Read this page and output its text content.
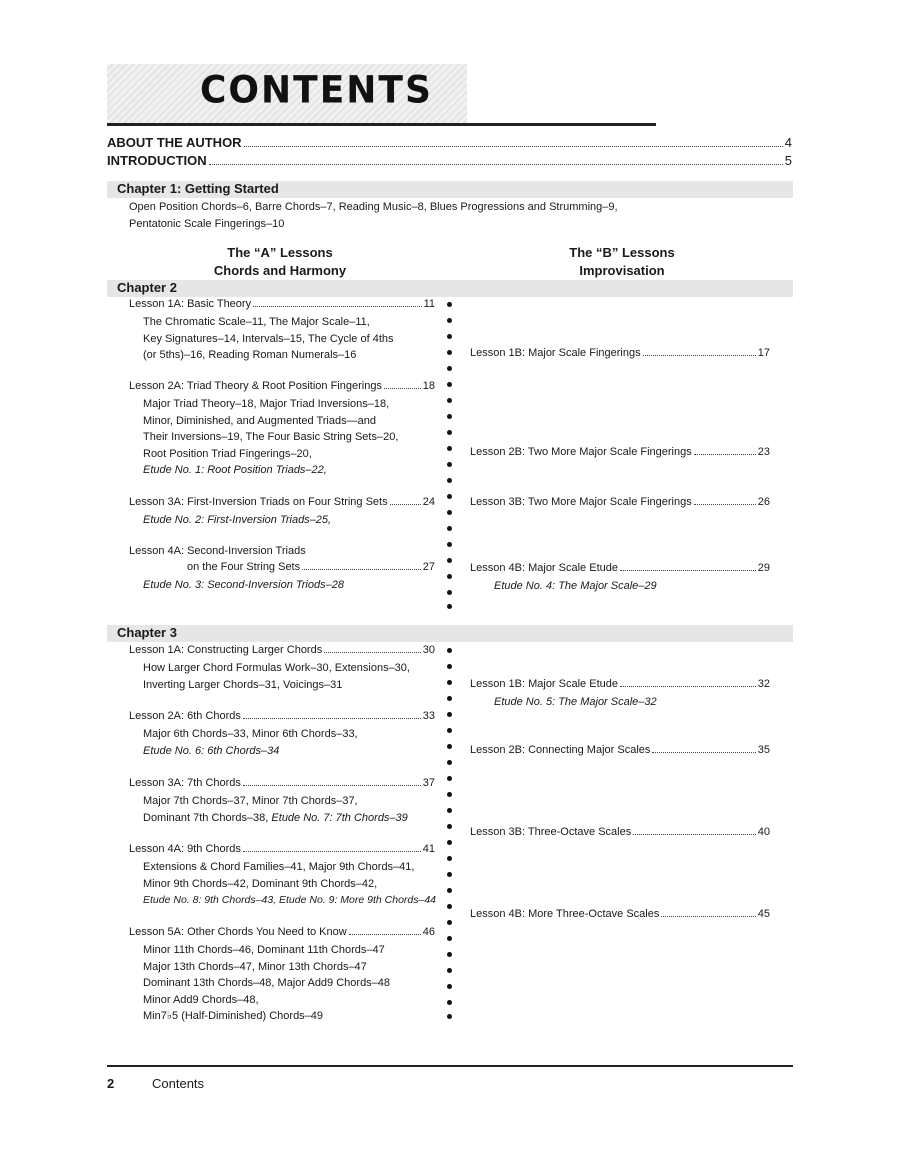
CONTENTS
ABOUT THE AUTHOR	4
INTRODUCTION	5
Chapter 1: Getting Started
Open Position Chords–6, Barre Chords–7, Reading Music–8, Blues Progressions and Strumming–9,
Pentatonic Scale Fingerings–10
The “A” Lessons
Chords and Harmony
The “B” Lessons
Improvisation
Chapter 2
Lesson 1A: Basic Theory	11
The Chromatic Scale–11, The Major Scale–11,
Key Signatures–14, Intervals–15, The Cycle of 4ths
(or 5ths)–16, Reading Roman Numerals–16
Lesson 2A: Triad Theory & Root Position Fingerings	18
Major Triad Theory–18, Major Triad Inversions–18,
Minor, Diminished, and Augmented Triads—and
Their Inversions–19, The Four Basic String Sets–20,
Root Position Triad Fingerings–20,
Etude No. 1: Root Position Triads–22,
Lesson 3A: First-Inversion Triads on Four String Sets	24
Etude No. 2: First-Inversion Triads–25,
Lesson 4A: Second-Inversion Triads
on the Four String Sets	27
Etude No. 3: Second-Inversion Triods–28
Lesson 1B: Major Scale Fingerings	17
Lesson 2B: Two More Major Scale Fingerings	23
Lesson 3B: Two More Major Scale Fingerings	26
Lesson 4B: Major Scale Etude	29
Etude No. 4: The Major Scale–29
Chapter 3
Lesson 1A: Constructing Larger Chords	30
How Larger Chord Formulas Work–30, Extensions–30,
Inverting Larger Chords–31, Voicings–31
Lesson 2A: 6th Chords	33
Major 6th Chords–33, Minor 6th Chords–33,
Etude No. 6: 6th Chords–34
Lesson 3A: 7th Chords	37
Major 7th Chords–37, Minor 7th Chords–37,
Dominant 7th Chords–38, Etude No. 7: 7th Chords–39
Lesson 4A: 9th Chords	41
Extensions & Chord Families–41, Major 9th Chords–41,
Minor 9th Chords–42, Dominant 9th Chords–42,
Etude No. 8: 9th Chords–43, Etude No. 9: More 9th Chords–44
Lesson 5A: Other Chords You Need to Know	46
Minor 11th Chords–46, Dominant 11th Chords–47
Major 13th Chords–47, Minor 13th Chords–47
Dominant 13th Chords–48, Major Add9 Chords–48
Minor Add9 Chords–48,
Min7♭5 (Half-Diminished) Chords–49
Lesson 1B: Major Scale Etude	32
Etude No. 5: The Major Scale–32
Lesson 2B: Connecting Major Scales	35
Lesson 3B: Three-Octave Scales	40
Lesson 4B: More Three-Octave Scales	45
2	Contents
